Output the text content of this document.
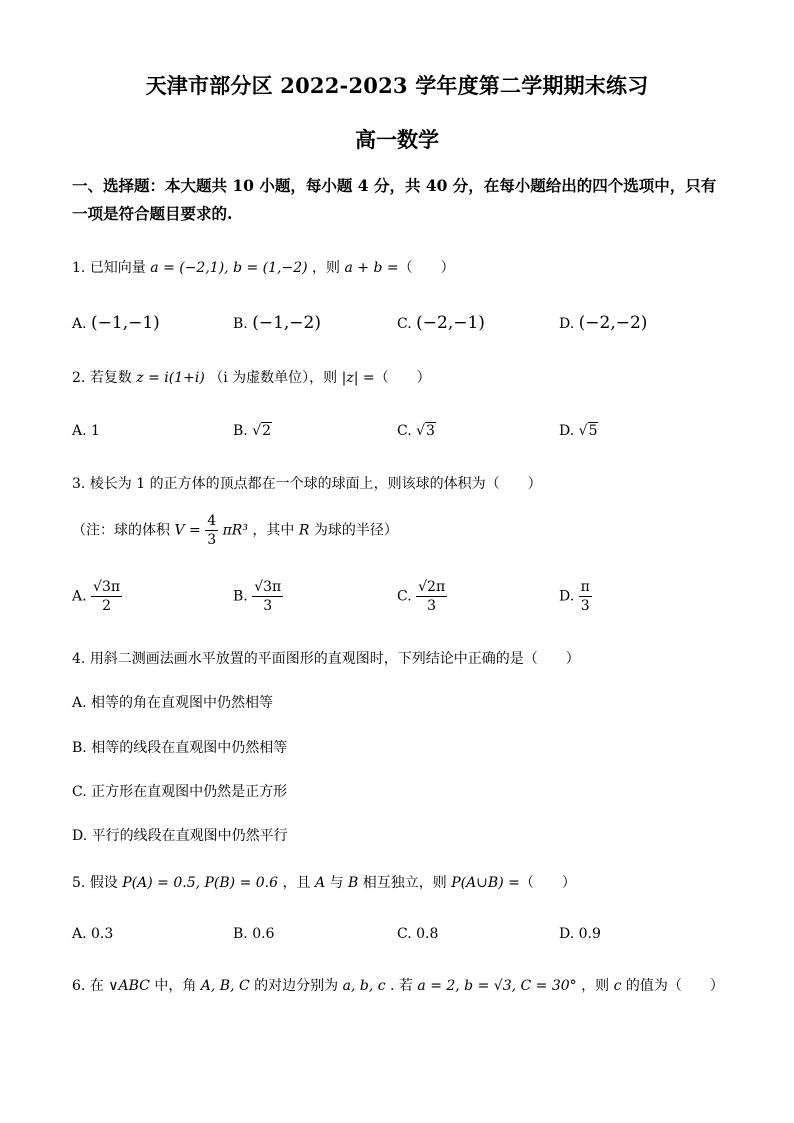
天津市部分区 2022-2023 学年度第二学期期末练习
高一数学
一、选择题：本大题共 10 小题，每小题 4 分，共 40 分，在每小题给出的四个选项中，只有
一项是符合题目要求的.
1. 已知向量 a = (−2,1), b = (1,−2) ，则 a + b =（　　）
A. (−1,−1)	B. (−1,−2)	C. (−2,−1)	D. (−2,−2)
2. 若复数 z = i(1+i) （i 为虚数单位），则 |z| =（　　）
A. 1	B. √2	C. √3	D. √5
3. 棱长为 1 的正方体的顶点都在一个球的球面上，则该球的体积为（　　）
（注：球的体积 $V = \frac{4}{3} \pi R^3$ ，其中 R 为球的半径）
A. $\frac{√3\pi}{2}$	B. $\frac{√3\pi}{3}$	C. $\frac{√2\pi}{3}$	D. $\frac{\pi}{3}$
4. 用斜二测画法画水平放置的平面图形的直观图时，下列结论中正确的是（　　）
A. 相等的角在直观图中仍然相等
B. 相等的线段在直观图中仍然相等
C. 正方形在直观图中仍然是正方形
D. 平行的线段在直观图中仍然平行
5. 假设 P(A) = 0.5, P(B) = 0.6 ，且 A 与 B 相互独立，则 P(A∪B) =（　　）
A. 0.3	B. 0.6	C. 0.8	D. 0.9
6. 在 ∨ABC 中，角 A, B, C 的对边分别为 a, b, c . 若 a = 2, b = √3, C = 30° ，则 c 的值为（　　）
